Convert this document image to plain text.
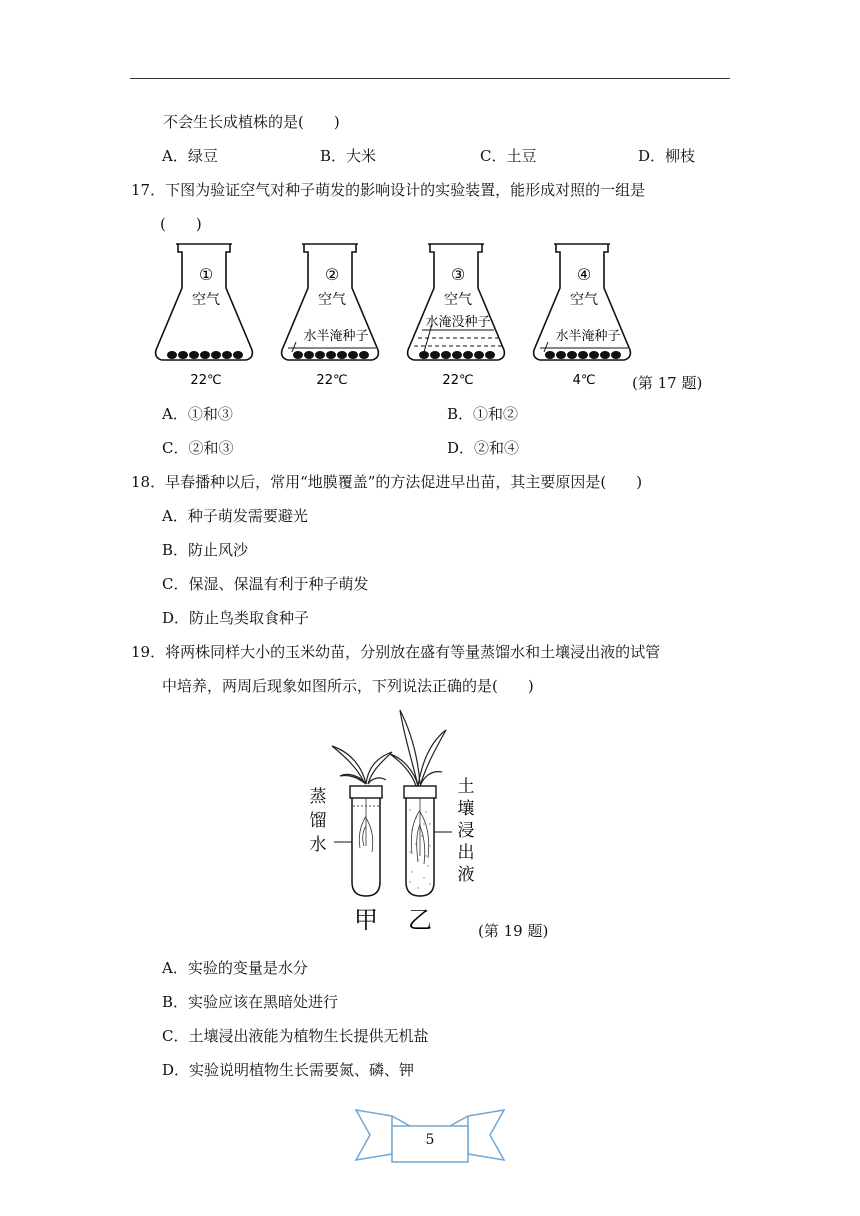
不会生长成植株的是(　　)
A．绿豆	B．大米	C．土豆	D．柳枝
17．下图为验证空气对种子萌发的影响设计的实验装置，能形成对照的一组是
(　　)
①
空气
22℃
②
空气
水半淹种子
22℃
③
空气
水淹没种子
22℃
④
空气
水半淹种子
4℃ (第 17 题)
A．①和③	B．①和②
C．②和③	D．②和④
18．早春播种以后，常用“地膜覆盖”的方法促进早出苗，其主要原因是(　　)
A．种子萌发需要避光
B．防止风沙
C．保湿、保温有利于种子萌发
D．防止鸟类取食种子
19．将两株同样大小的玉米幼苗，分别放在盛有等量蒸馏水和土壤浸出液的试管
中培养，两周后现象如图所示，下列说法正确的是(　　)
蒸
馏
水
土
壤
浸
出
液
甲 乙	(第 19 题)
A．实验的变量是水分
B．实验应该在黑暗处进行
C．土壤浸出液能为植物生长提供无机盐
D．实验说明植物生长需要氮、磷、钾
5
